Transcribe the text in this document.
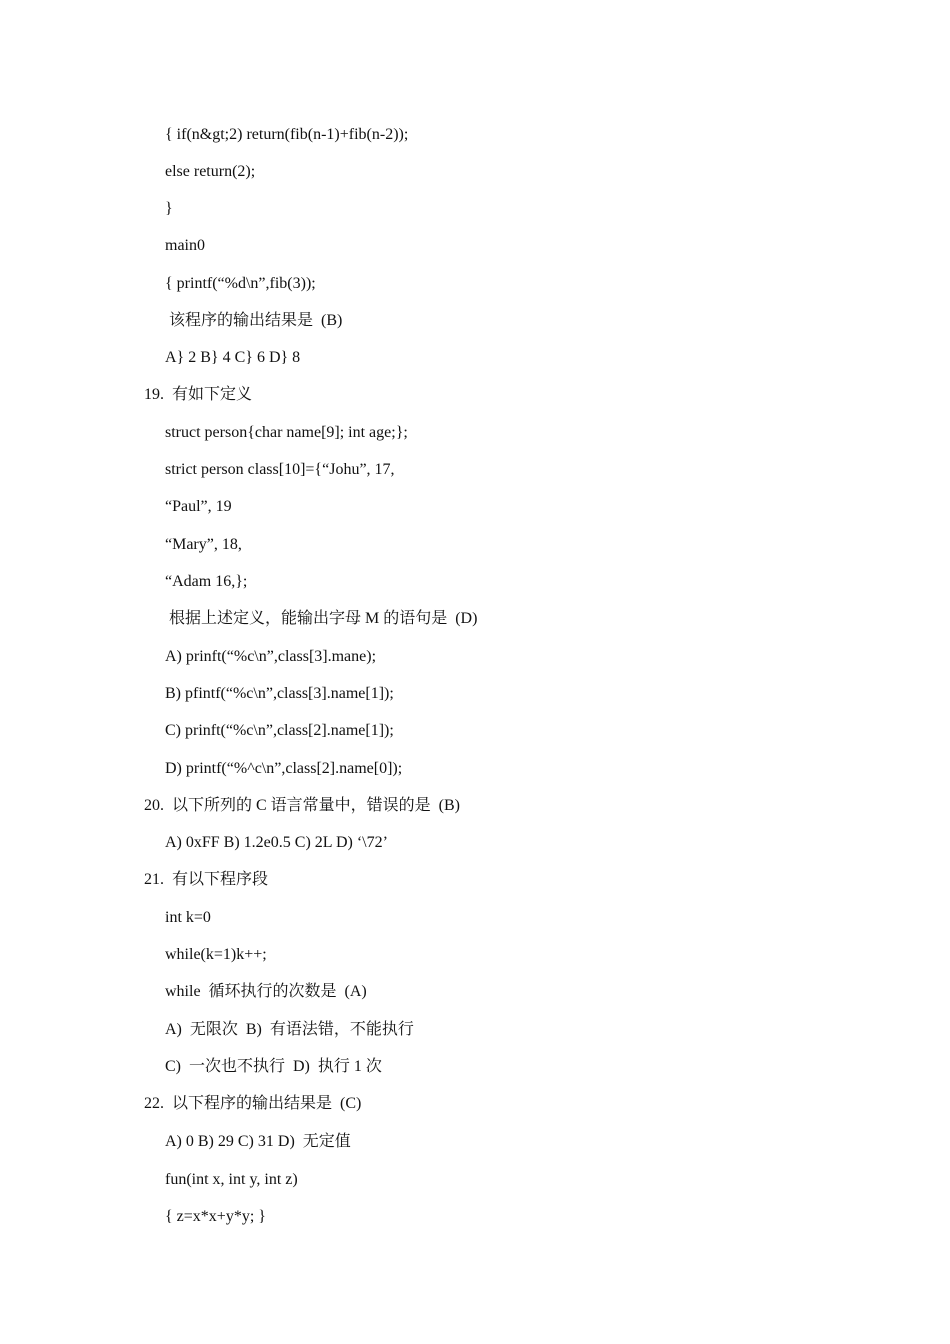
{ if(n&gt;2) return(fib(n-1)+fib(n-2));
else return(2);
}
main0
{ printf(“%d\n”,fib(3));
该程序的输出结果是  (B)
A} 2 B} 4 C} 6 D} 8
19.  有如下定义
struct person{char name[9]; int age;};
strict person class[10]={“Johu”, 17,
“Paul”, 19
“Mary”, 18,
“Adam 16,};
根据上述定义，能输出字母 M 的语句是  (D)
A) prinft(“%c\n”,class[3].mane);
B) pfintf(“%c\n”,class[3].name[1]);
C) prinft(“%c\n”,class[2].name[1]);
D) printf(“%^c\n”,class[2].name[0]);
20.  以下所列的 C 语言常量中，错误的是  (B)
A) 0xFF B) 1.2e0.5 C) 2L D) ‘\72’
21.  有以下程序段
int k=0
while(k=1)k++;
while  循环执行的次数是  (A)
A)  无限次  B)  有语法错，不能执行
C)  一次也不执行  D)  执行 1 次
22.  以下程序的输出结果是  (C)
A) 0 B) 29 C) 31 D)  无定值
fun(int x, int y, int z)
{ z=x*x+y*y; }
